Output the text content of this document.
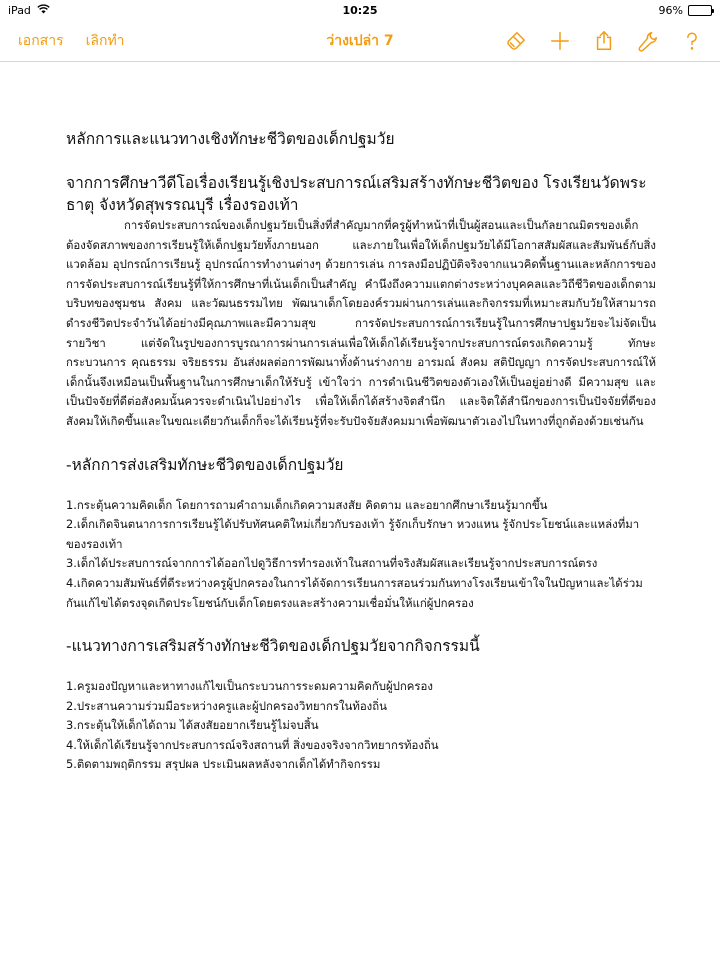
iPad	10:25	96%
เอกสาร เลิกทำ	ว่างเปล่า 7
หลักการและแนวทางเชิงทักษะชีวิตของเด็กปฐมวัย
จากการศึกษาวีดีโอเรื่องเรียนรู้เชิงประสบการณ์เสริมสร้างทักษะชีวิตของ โรงเรียนวัดพระธาตุ จังหวัดสุพรรณบุรี เรื่องรองเท้า
การจัดประสบการณ์ของเด็กปฐมวัยเป็นสิ่งที่สำคัญมากที่ครูผู้ทำหน้าที่เป็นผู้สอนและเป็นกัลยาณมิตรของเด็กต้องจัดสภาพของการเรียนรู้ให้เด็กปฐมวัยทั้งภายนอก และภายในเพื่อให้เด็กปฐมวัยได้มีโอกาสสัมผัสและสัมพันธ์กับสิ่งแวดล้อม อุปกรณ์การเรียนรู้ อุปกรณ์การทำงานต่างๆ ด้วยการเล่น การลงมือปฏิบัติจริงจากแนวคิดพื้นฐานและหลักการของการจัดประสบการณ์เรียนรู้ที่ให้การศึกษาที่เน้นเด็กเป็นสำคัญ คำนึงถึงความแตกต่างระหว่างบุคคลและวิถีชีวิตของเด็กตามบริบทของชุมชน สังคม และวัฒนธรรมไทย พัฒนาเด็กโดยองค์รวมผ่านการเล่นและกิจกรรมที่เหมาะสมกับวัยให้สามารถดำรงชีวิตประจำวันได้อย่างมีคุณภาพและมีความสุข การจัดประสบการณ์การเรียนรู้ในการศึกษาปฐมวัยจะไม่จัดเป็นรายวิชา แต่จัดในรูปของการบูรณาการผ่านการเล่นเพื่อให้เด็กได้เรียนรู้จากประสบการณ์ตรงเกิดความรู้ ทักษะ กระบวนการ คุณธรรม จริยธรรม อันส่งผลต่อการพัฒนาทั้งด้านร่างกาย อารมณ์ สังคม สติปัญญา การจัดประสบการณ์ให้เด็กนั้นจึงเหมือนเป็นพื้นฐานในการศึกษาเด็กให้รับรู้ เข้าใจว่า การดำเนินชีวิตของตัวเองให้เป็นอยู่อย่างดี มีความสุข และเป็นปัจจัยที่ดีต่อสังคมนั้นควรจะดำเนินไปอย่างไร เพื่อให้เด็กได้สร้างจิตสำนึก และจิตใต้สำนึกของการเป็นปัจจัยที่ดีของสังคมให้เกิดขึ้นและในขณะเดียวกันเด็กก็จะได้เรียนรู้ที่จะรับปัจจัยสังคมมาเพื่อพัฒนาตัวเองไปในทางที่ถูกต้องด้วยเช่นกัน
-หลักการส่งเสริมทักษะชีวิตของเด็กปฐมวัย
1.กระตุ้นความคิดเด็ก โดยการถามคำถามเด็กเกิดความสงสัย คิดตาม และอยากศึกษาเรียนรู้มากขึ้น
2.เด็กเกิดจินตนาการการเรียนรู้ได้ปรับทัศนคติใหม่เกี่ยวกับรองเท้า รู้จักเก็บรักษา หวงแหน รู้จักประโยชน์และแหล่งที่มาของรองเท้า
3.เด็กได้ประสบการณ์จากการได้ออกไปดูวิธีการทำรองเท้าในสถานที่จริงสัมผัสและเรียนรู้จากประสบการณ์ตรง
4.เกิดความสัมพันธ์ที่ดีระหว่างครูผู้ปกครองในการได้จัดการเรียนการสอนร่วมกันทางโรงเรียนเข้าใจในปัญหาและได้ร่วมกันแก้ไขได้ตรงจุดเกิดประโยชน์กับเด็กโดยตรงและสร้างความเชื่อมั่นให้แก่ผู้ปกครอง
-แนวทางการเสริมสร้างทักษะชีวิตของเด็กปฐมวัยจากกิจกรรมนี้
1.ครูมองปัญหาและหาทางแก้ไขเป็นกระบวนการระดมความคิดกับผู้ปกครอง
2.ประสานความร่วมมือระหว่างครูและผู้ปกครองวิทยากรในท้องถิ่น
3.กระตุ้นให้เด็กได้ถาม ได้สงสัยอยากเรียนรู้ไม่จบสิ้น
4.ให้เด็กได้เรียนรู้จากประสบการณ์จริงสถานที่ สิ่งของจริงจากวิทยากรท้องถิ่น
5.ติดตามพฤติกรรม สรุปผล ประเมินผลหลังจากเด็กได้ทำกิจกรรม
